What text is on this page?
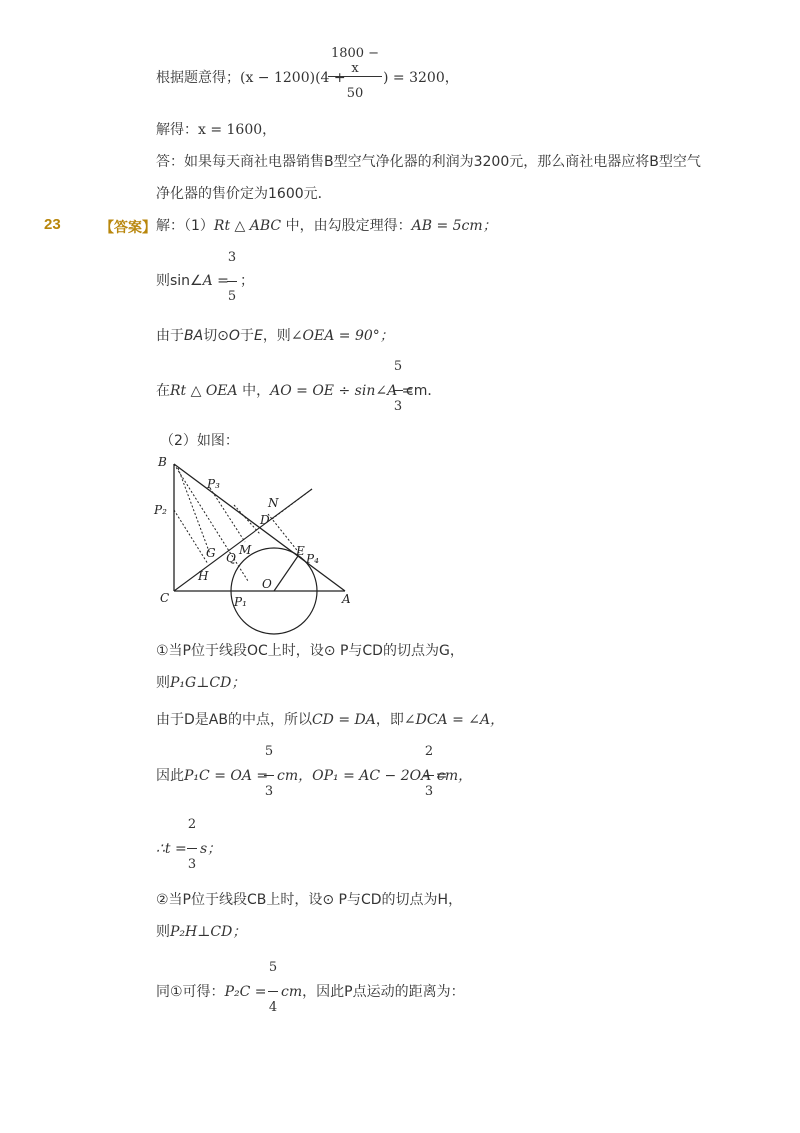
1800 − x
50
根据题意得；(x − 1200)(4 +	) = 3200，
解得：x = 1600，
答：如果每天商社电器销售B型空气净化器的利润为3200元，那么商社电器应将B型空气
净化器的售价定为1600元．
23	【答案】 解：（1）Rt △ ABC 中，由勾股定理得：AB = 5cm；
3
5
则sin∠A = ；
由于BA切⊙O于E，则∠OEA = 90°；
5
3
在Rt △ OEA 中，AO = OE ÷ sin∠A =
cm．
（2）如图：
B
P₃
N
D
P₂
G M
Q	E
P₄
H
O
C	P₁	A
①当P位于线段OC上时，设⊙ P与CD的切点为G，
则P₁G⊥CD；
由于D是AB的中点，所以CD = DA，即∠DCA = ∠A，
5
3
2
3
因此P₁C = OA = cm，OP₁ = AC − 2OA =
cm，
2
3
∴t = s；
②当P位于线段CB上时，设⊙ P与CD的切点为H，
则P₂H⊥CD；
5
4
同①可得：P₂C = cm，因此P点运动的距离为：
